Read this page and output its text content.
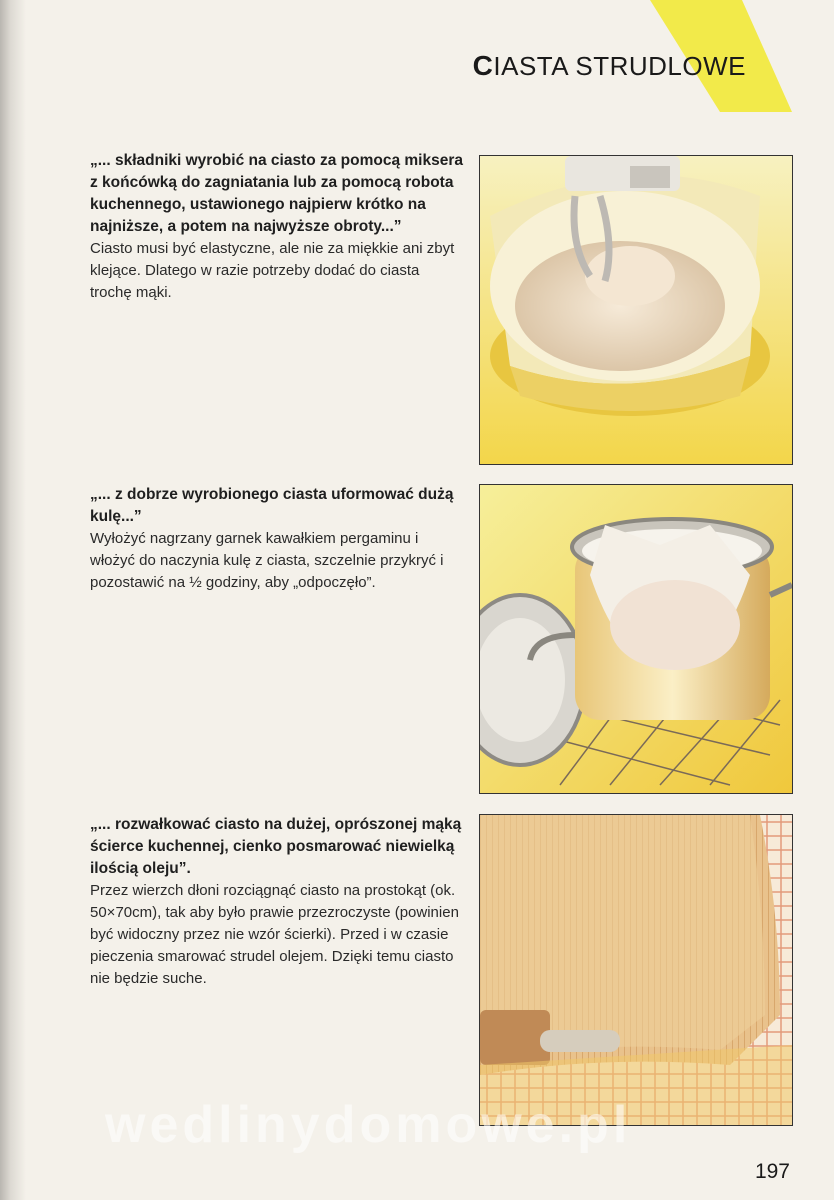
CIASTA STRUDLOWE

„... składniki wyrobić na ciasto za pomocą miksera z końcówką do zagniatania lub za pomocą robota kuchennego, ustawionego najpierw krótko na najniższe, a potem na najwyższe obroty...”

Ciasto musi być elastyczne, ale nie za miękkie ani zbyt klejące. Dlatego w razie potrzeby dodać do ciasta trochę mąki.

„... z dobrze wyrobionego ciasta uformować dużą kulę...”

Wyłożyć nagrzany garnek kawałkiem pergaminu i włożyć do naczynia kulę z ciasta, szczelnie przykryć i pozostawić na ½ godziny, aby „odpoczęło”.

„... rozwałkować ciasto na dużej, oprószonej mąką ścierce kuchennej, cienko posmarować niewielką ilością oleju”.

Przez wierzch dłoni rozciągnąć ciasto na prostokąt (ok. 50×70cm), tak aby było prawie przezroczyste (powinien być widoczny przez nie wzór ścierki). Przed i w czasie pieczenia smarować strudel olejem. Dzięki temu ciasto nie będzie suche.

wedlinydomowe.pl
197
